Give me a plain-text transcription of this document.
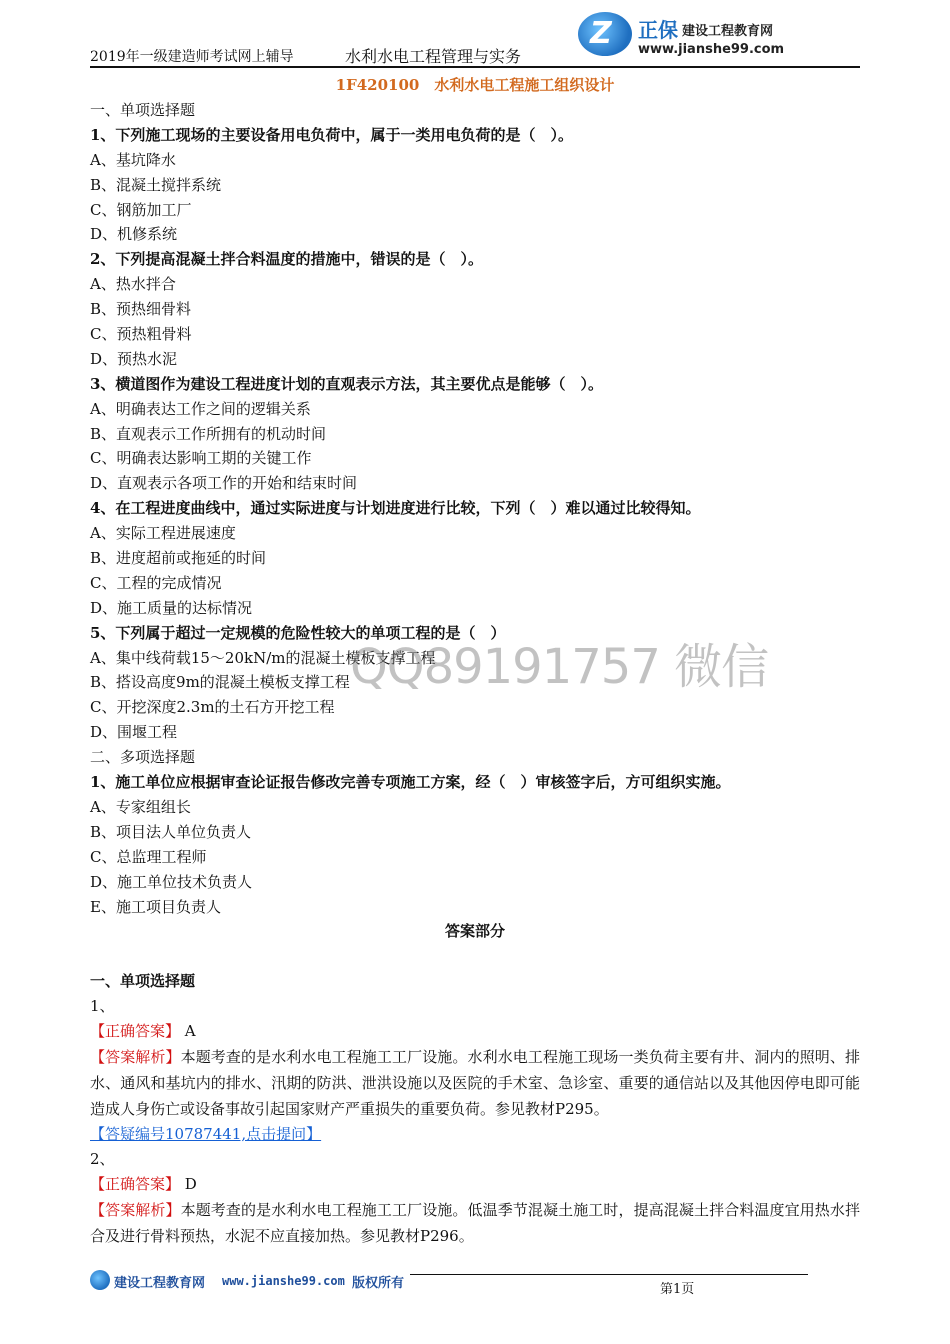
2019年一级建造师考试网上辅导	水利水电工程管理与实务
Z 正保 建设工程教育网
www.jianshe99.com
1F420100　水利水电工程施工组织设计
一、单项选择题
1、下列施工现场的主要设备用电负荷中，属于一类用电负荷的是（　）。
A、基坑降水
B、混凝土搅拌系统
C、钢筋加工厂
D、机修系统
2、下列提高混凝土拌合料温度的措施中，错误的是（　）。
A、热水拌合
B、预热细骨料
C、预热粗骨料
D、预热水泥
3、横道图作为建设工程进度计划的直观表示方法，其主要优点是能够（　）。
A、明确表达工作之间的逻辑关系
B、直观表示工作所拥有的机动时间
C、明确表达影响工期的关键工作
D、直观表示各项工作的开始和结束时间
4、在工程进度曲线中，通过实际进度与计划进度进行比较，下列（　）难以通过比较得知。
A、实际工程进展速度
B、进度超前或拖延的时间
C、工程的完成情况
D、施工质量的达标情况
5、下列属于超过一定规模的危险性较大的单项工程的是（　）
A、集中线荷载15～20kN/m的混凝土模板支撑工程
B、搭设高度9m的混凝土模板支撑工程
C、开挖深度2.3m的土石方开挖工程
D、围堰工程
二、多项选择题
1、施工单位应根据审查论证报告修改完善专项施工方案，经（　）审核签字后，方可组织实施。
A、专家组组长
B、项目法人单位负责人
C、总监理工程师
D、施工单位技术负责人
E、施工项目负责人
答案部分
一、单项选择题
1、
【正确答案】 A
【答案解析】本题考查的是水利水电工程施工工厂设施。水利水电工程施工现场一类负荷主要有井、洞内的照明、排水、通风和基坑内的排水、汛期的防洪、泄洪设施以及医院的手术室、急诊室、重要的通信站以及其他因停电即可能造成人身伤亡或设备事故引起国家财产严重损失的重要负荷。参见教材P295。
【答疑编号10787441,点击提问】
2、
【正确答案】 D
【答案解析】本题考查的是水利水电工程施工工厂设施。低温季节混凝土施工时，提高混凝土拌合料温度宜用热水拌合及进行骨料预热，水泥不应直接加热。参见教材P296。
QQ89191757 微信
建设工程教育网 www.jianshe99.com 版权所有	第1页
